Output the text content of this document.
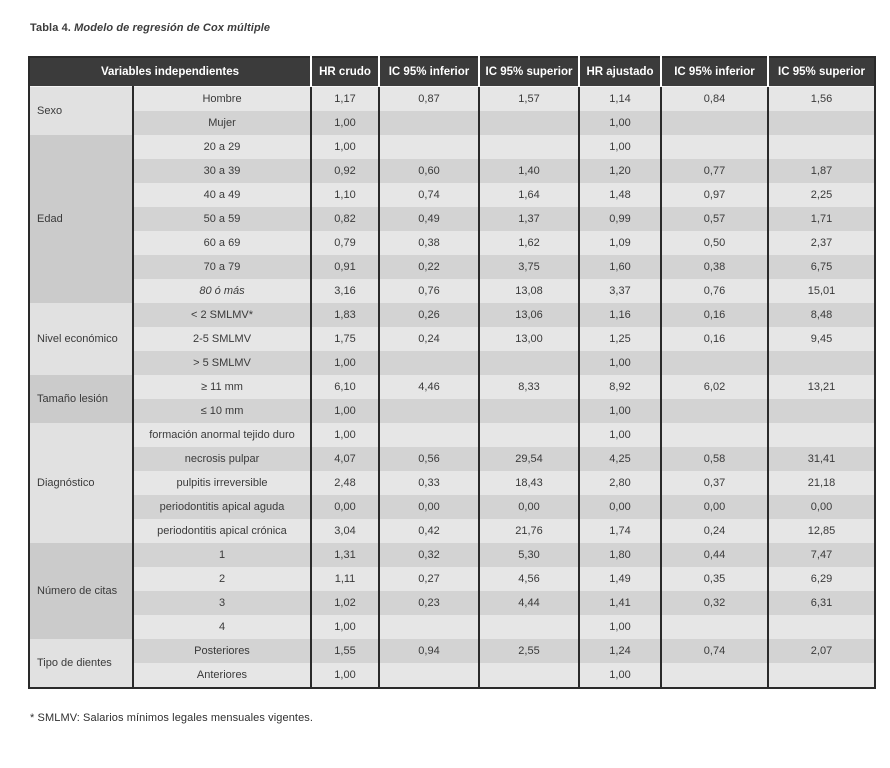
Tabla 4. Modelo de regresión de Cox múltiple
Variables independientes		HR crudo	IC 95% inferior	IC 95% superior	HR ajustado	IC 95% inferior	IC 95% superior
Sexo	Hombre	1,17	0,87	1,57	1,14	0,84	1,56
	Mujer	1,00			1,00		
Edad	20 a 29	1,00			1,00		
	30 a 39	0,92	0,60	1,40	1,20	0,77	1,87
	40 a 49	1,10	0,74	1,64	1,48	0,97	2,25
	50 a 59	0,82	0,49	1,37	0,99	0,57	1,71
	60 a 69	0,79	0,38	1,62	1,09	0,50	2,37
	70 a 79	0,91	0,22	3,75	1,60	0,38	6,75
	80 ó más	3,16	0,76	13,08	3,37	0,76	15,01
Nivel económico	< 2 SMLMV*	1,83	0,26	13,06	1,16	0,16	8,48
	2-5 SMLMV	1,75	0,24	13,00	1,25	0,16	9,45
	> 5 SMLMV	1,00			1,00		
Tamaño lesión	≥ 11 mm	6,10	4,46	8,33	8,92	6,02	13,21
	≤ 10 mm	1,00			1,00		
Diagnóstico	formación anormal tejido duro	1,00			1,00		
	necrosis pulpar	4,07	0,56	29,54	4,25	0,58	31,41
	pulpitis irreversible	2,48	0,33	18,43	2,80	0,37	21,18
	periodontitis apical aguda	0,00	0,00	0,00	0,00	0,00	0,00
	periodontitis apical crónica	3,04	0,42	21,76	1,74	0,24	12,85
Número de citas	1	1,31	0,32	5,30	1,80	0,44	7,47
	2	1,11	0,27	4,56	1,49	0,35	6,29
	3	1,02	0,23	4,44	1,41	0,32	6,31
	4	1,00			1,00		
Tipo de dientes	Posteriores	1,55	0,94	2,55	1,24	0,74	2,07
	Anteriores	1,00			1,00		
* SMLMV: Salarios mínimos legales mensuales vigentes.
